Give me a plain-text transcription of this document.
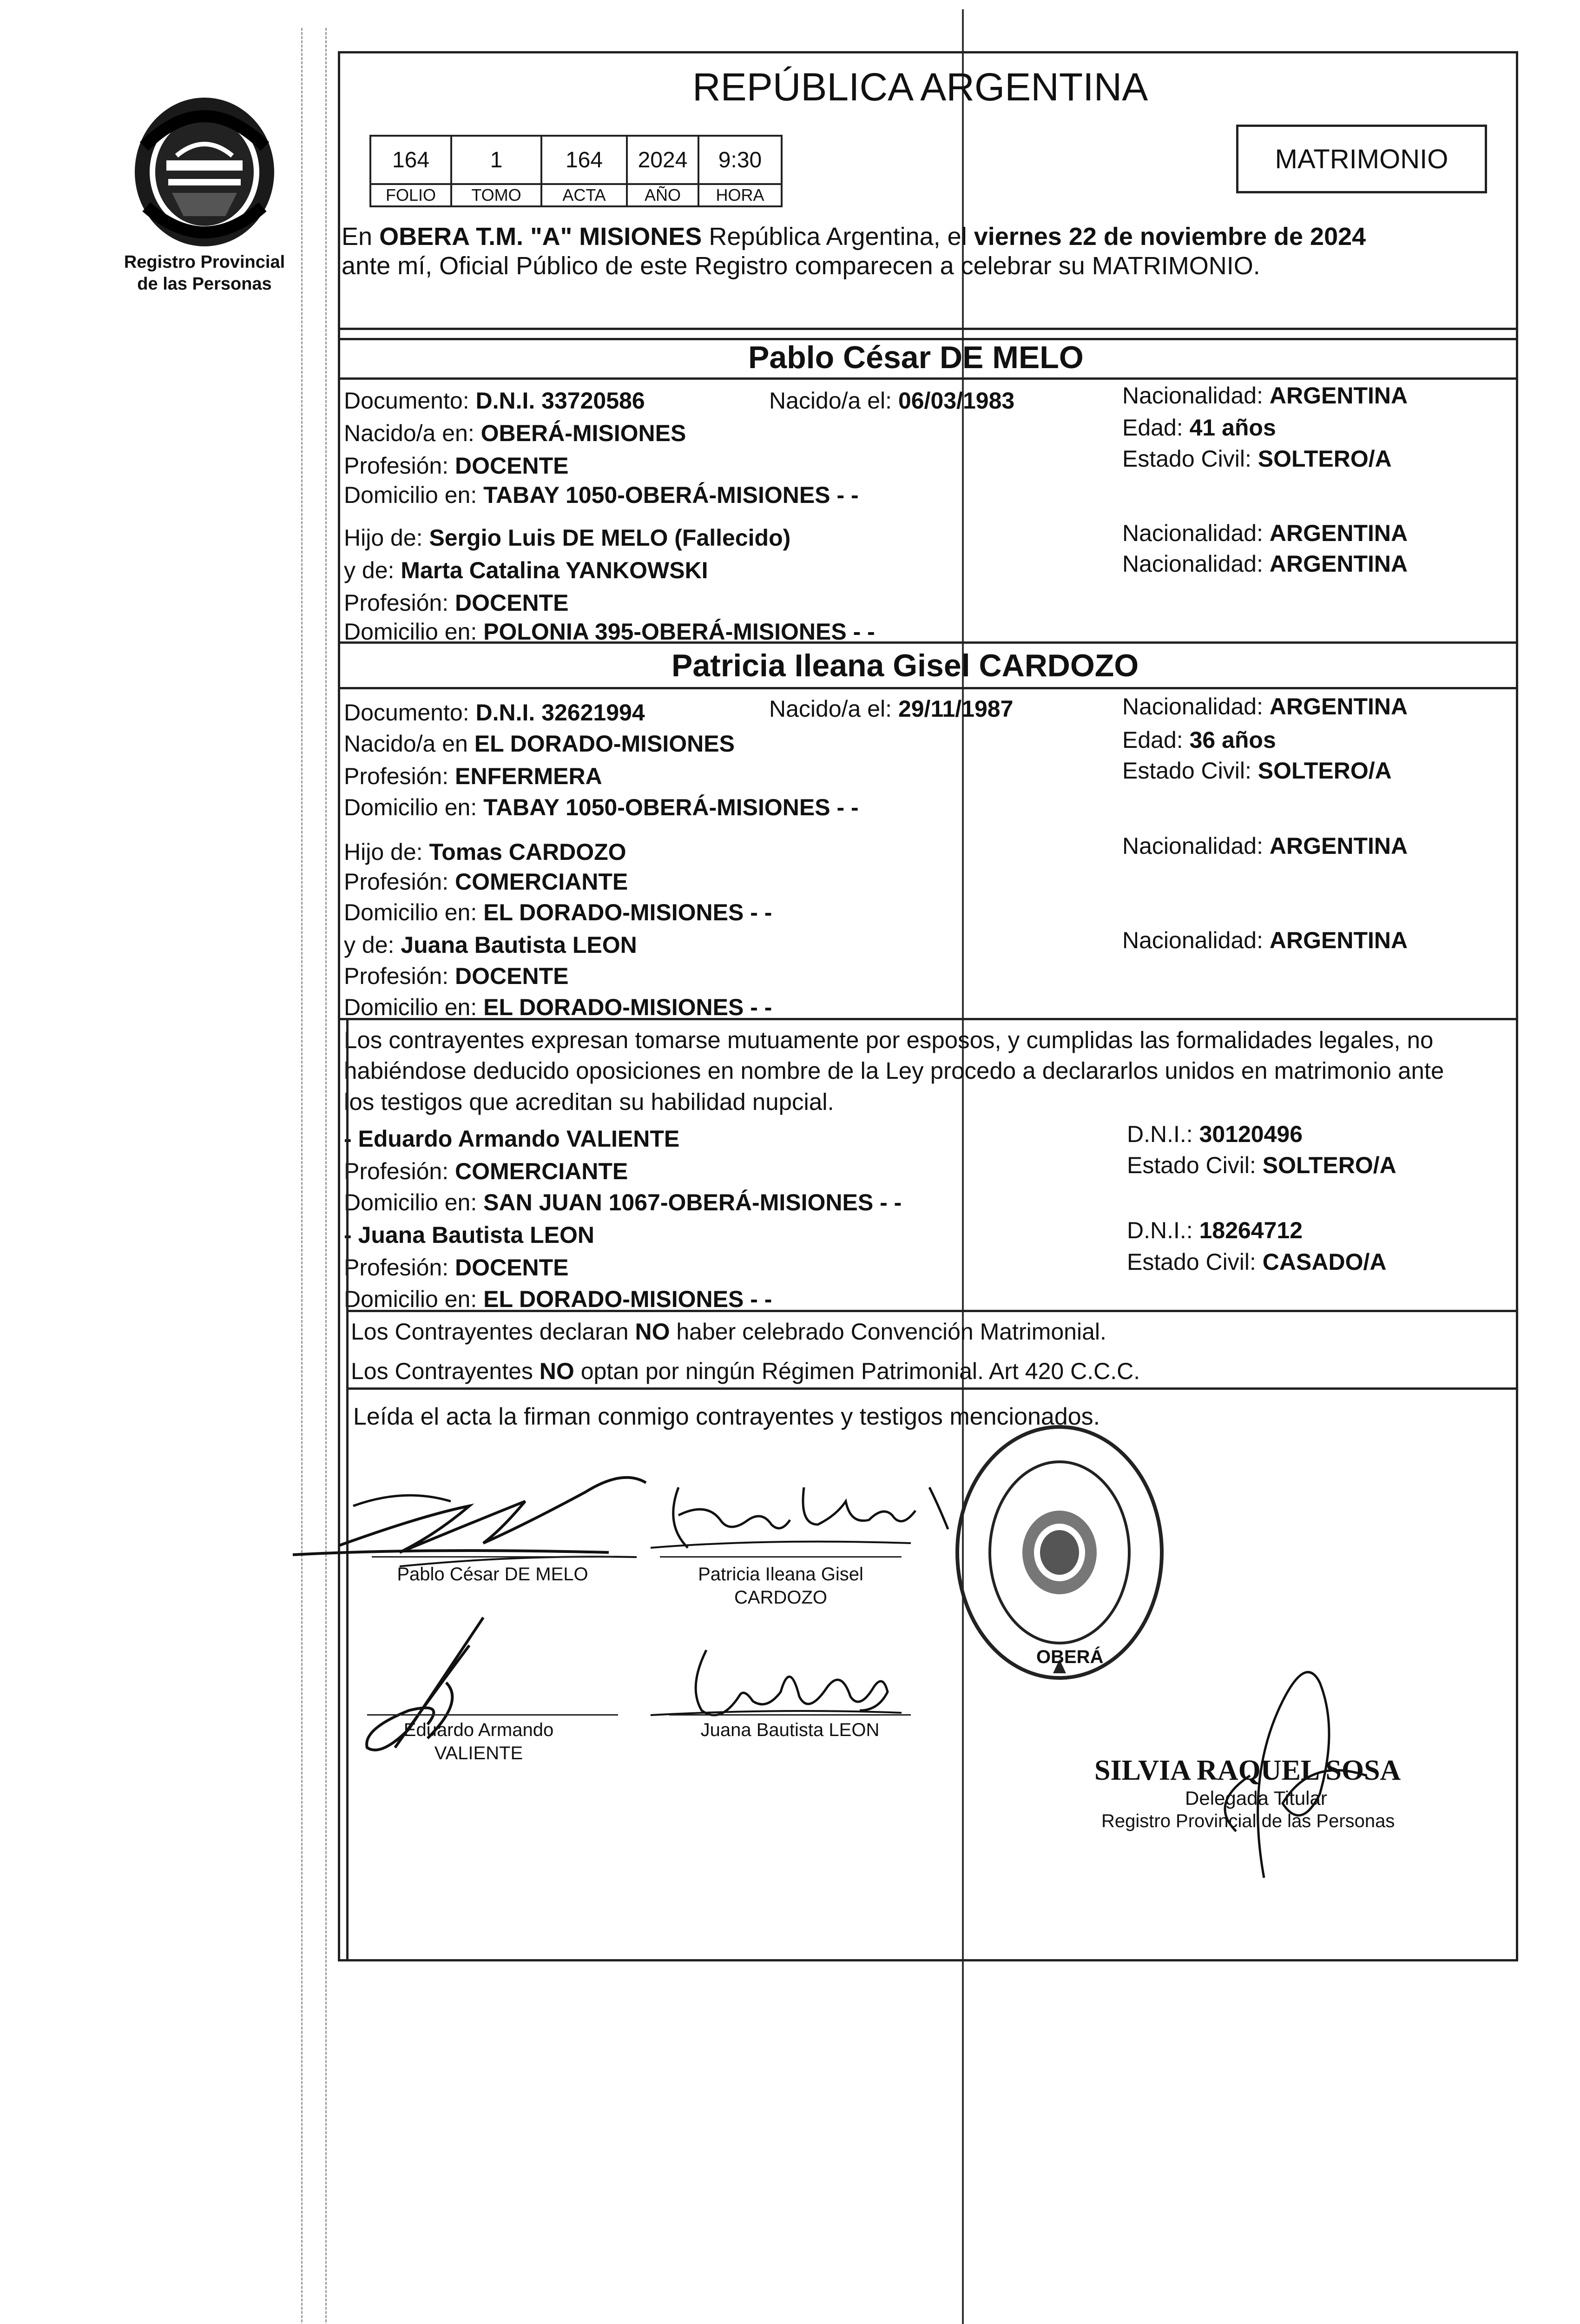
Registro Provincial
de las Personas
REPÚBLICA ARGENTINA
164	1	164	2024	9:30
FOLIO	TOMO	ACTA	AÑO	HORA
MATRIMONIO
En OBERA T.M. "A" MISIONES República Argentina, el viernes 22 de noviembre de 2024
ante mí, Oficial Público de este Registro comparecen a celebrar su MATRIMONIO.
Pablo César DE MELO
Documento: D.N.I. 33720586	Nacido/a el: 06/03/1983	Nacionalidad: ARGENTINA
Nacido/a en: OBERÁ-MISIONES	Edad: 41 años
Profesión: DOCENTE	Estado Civil: SOLTERO/A
Domicilio en: TABAY 1050-OBERÁ-MISIONES - -
Hijo de: Sergio Luis DE MELO (Fallecido)	Nacionalidad: ARGENTINA
y de: Marta Catalina YANKOWSKI	Nacionalidad: ARGENTINA
Profesión: DOCENTE
Domicilio en: POLONIA 395-OBERÁ-MISIONES - -
Patricia Ileana Gisel CARDOZO
Documento: D.N.I. 32621994	Nacido/a el: 29/11/1987	Nacionalidad: ARGENTINA
Nacido/a en EL DORADO-MISIONES	Edad: 36 años
Profesión: ENFERMERA	Estado Civil: SOLTERO/A
Domicilio en: TABAY 1050-OBERÁ-MISIONES - -
Hijo de: Tomas CARDOZO	Nacionalidad: ARGENTINA
Profesión: COMERCIANTE
Domicilio en: EL DORADO-MISIONES - -
y de: Juana Bautista LEON	Nacionalidad: ARGENTINA
Profesión: DOCENTE
Domicilio en: EL DORADO-MISIONES - -
Los contrayentes expresan tomarse mutuamente por esposos, y cumplidas las formalidades legales, no
habiéndose deducido oposiciones en nombre de la Ley procedo a declararlos unidos en matrimonio ante
los testigos que acreditan su habilidad nupcial.
- Eduardo Armando VALIENTE	D.N.I.: 30120496
Profesión: COMERCIANTE	Estado Civil: SOLTERO/A
Domicilio en: SAN JUAN 1067-OBERÁ-MISIONES - -
- Juana Bautista LEON	D.N.I.: 18264712
Profesión: DOCENTE	Estado Civil: CASADO/A
Domicilio en: EL DORADO-MISIONES - -
Los Contrayentes declaran NO haber celebrado Convención Matrimonial.
Los Contrayentes NO optan por ningún Régimen Patrimonial. Art 420 C.C.C.
Leída el acta la firman conmigo contrayentes y testigos mencionados.
Pablo César DE MELO	Patricia Ileana Gisel
CARDOZO
Eduardo Armando
VALIENTE
Juana Bautista LEON
OBERÁ
SILVIA RAQUEL SOSA
Delegada Titular
Registro Provincial de las Personas
